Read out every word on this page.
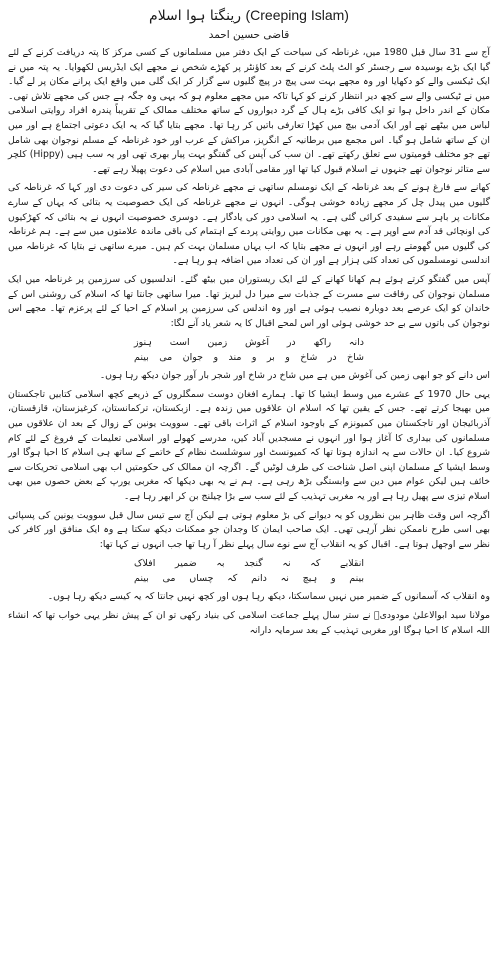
رینگتا ہوا اسلام (Creeping Islam)
قاضی حسین احمد

آج سے 31 سال قبل 1980 میں، غرناطہ کی سیاحت کے ایک دفتر میں مسلمانوں کے کسی مرکز کا پتہ دریافت کرنے کے لئے گیا ایک بڑے بوسیدہ سے رجسٹر کو الٹ پلٹ کرنے کے بعد کاؤنٹر پر کھڑے شخص نے مجھے ایک ایڈریس لکھوایا۔ یہ پتہ میں نے ایک ٹیکسی والے کو دکھایا اور وہ مجھے بہت سی پیچ در پیچ گلیوں سے گزار کر ایک گلی میں واقع ایک پرانے مکان پر لے گیا۔ میں نے ٹیکسی والے سے کچھ دیر انتظار کرنے کو کہا تاکہ میں مجھے معلوم ہو کہ یہی وہ جگہ ہے جس کی مجھے تلاش تھی۔ مکان کے اندر داخل ہوا تو ایک کافی بڑے ہال کے گرد دیواروں کے ساتھ مختلف ممالک کے تقریباً پندرہ افراد روایتی اسلامی لباس میں بیٹھے تھے اور ایک آدمی بیچ میں کھڑا تعارفی باتیں کر رہا تھا۔ مجھے بتایا گیا کہ یہ ایک دعوتی اجتماع ہے اور میں ان کے ساتھ شامل ہو گیا۔ اس مجمع میں برطانیہ کے انگریز، مراکش کے عرب اور خود غرناطہ کے مسلم نوجوان بھی شامل تھے جو مختلف قومیتوں سے تعلق رکھتے تھے۔ ان سب کی آپس کی گفتگو بہت پیار بھری تھی اور یہ سب ہپی (Hippy) کلچر سے متاثر نوجوان تھے جنہوں نے اسلام قبول کیا تھا اور مقامی آبادی میں اسلام کی دعوت پھیلا رہے تھے۔

کھانے سے فارغ ہونے کے بعد غرناطہ کے ایک نومسلم ساتھی نے مجھے غرناطہ کی سیر کی دعوت دی اور کہا کہ غرناطہ کی گلیوں میں پیدل چل کر مجھے زیادہ خوشی ہوگی۔ انہوں نے مجھے غرناطہ کی ایک خصوصیت یہ بتائی کہ یہاں کے سارے مکانات پر باہر سے سفیدی کرائی گئی ہے۔ یہ اسلامی دور کی یادگار ہے۔ دوسری خصوصیت انہوں نے یہ بتائی کہ کھڑکیوں کی اونچائی قد آدم سے اوپر ہے۔ یہ بھی مکانات میں روایتی پردے کے اہتمام کی باقی ماندہ علامتوں میں سے ہے۔ ہم غرناطہ کی گلیوں میں گھومتے رہے اور انہوں نے مجھے بتایا کہ اب یہاں مسلمان بہت کم ہیں۔ میرے ساتھی نے بتایا کہ غرناطہ میں اندلسی نومسلموں کی تعداد کئی ہزار ہے اور ان کی تعداد میں اضافہ ہو رہا ہے۔

آپس میں گفتگو کرتے ہوئے ہم کھانا کھانے کے لئے ایک ریستوران میں بیٹھ گئے۔ اندلسیوں کی سرزمین پر غرناطہ میں ایک مسلمان نوجوان کی رفاقت سے مسرت کے جذبات سے میرا دل لبریز تھا۔ میرا ساتھی جانتا تھا کہ اسلام کی روشنی اس کے خاندان کو ایک عرصے بعد دوبارہ نصیب ہوئی ہے اور وہ اندلس کی سرزمین پر اسلام کے احیا کے لئے پرعزم تھا۔ مجھے اس نوجوان کی باتوں سے بے حد خوشی ہوئی اور اس لمحے اقبال کا یہ شعر یاد آنے لگا:

دانہ
راکھ
در
آغوش
زمین
است
ہنوز
شاخ
در
شاخ
و
بر
و
مند
و
جوان
می
بینم

اس دانے کو جو ابھی زمین کی آغوش میں ہے میں شاخ در شاخ اور شجر بار آور جوان دیکھ رہا ہوں۔

یہی حال 1970 کے عشرے میں وسط ایشیا کا تھا۔ ہمارے افغان دوست سمگلروں کے ذریعے کچھ اسلامی کتابیں تاجکستان میں بھیجا کرتے تھے۔ جس کے یقین تھا کہ اسلام ان علاقوں میں زندہ ہے۔ ازبکستان، ترکمانستان، کرغیزستان، قازقستان، آذربائیجان اور تاجکستان میں کمیونزم کے باوجود اسلام کے اثرات باقی تھے۔ سوویت یونین کے زوال کے بعد ان علاقوں میں مسلمانوں کی بیداری کا آغاز ہوا اور انہوں نے مسجدیں آباد کیں، مدرسے کھولے اور اسلامی تعلیمات کے فروغ کے لئے کام شروع کیا۔ ان حالات سے یہ اندازہ ہوتا تھا کہ کمیونسٹ اور سوشلسٹ نظام کے خاتمے کے ساتھ ہی اسلام کا احیا ہوگا اور وسط ایشیا کے مسلمان اپنی اصل شناخت کی طرف لوٹیں گے۔ اگرچہ ان ممالک کی حکومتیں اب بھی اسلامی تحریکات سے خائف ہیں لیکن عوام میں دین سے وابستگی بڑھ رہی ہے۔ ہم نے یہ بھی دیکھا کہ مغربی یورپ کے بعض حصوں میں بھی اسلام تیزی سے پھیل رہا ہے اور یہ مغربی تہذیب کے لئے سب سے بڑا چیلنج بن کر ابھر رہا ہے۔

اگرچہ اس وقت ظاہر بین نظروں کو یہ دیوانے کی بڑ معلوم ہوتی ہے لیکن آج سے تیس سال قبل سوویت یونین کی پسپائی بھی اسی طرح ناممکن نظر آرہی تھی۔ ایک صاحب ایمان کا وجدان جو ممکنات دیکھ سکتا ہے وہ ایک منافق اور کافر کی نظر سے اوجھل ہوتا ہے۔ اقبال کو یہ انقلاب آج سے نوے سال پہلے نظر آ رہا تھا جب انہوں نے کہا تھا:

انقلابے
کہ
نہ
گنجد
بہ
ضمیر
افلاک
بینم
و
ہیچ
نہ
دانم
کہ
چساں
می
بینم

وہ انقلاب کہ آسمانوں کے ضمیر میں نہیں سماسکتا، دیکھ رہا ہوں اور کچھ نہیں جانتا کہ یہ کیسے دیکھ رہا ہوں۔

مولانا سید ابوالاعلیٰ مودودیؒ نے ستر سال پہلے جماعت اسلامی کی بنیاد رکھی تو ان کے پیش نظر یہی خواب تھا کہ انشاء اللہ اسلام کا احیا ہوگا اور مغربی تہذیب کے بعد سرمایہ دارانہ
